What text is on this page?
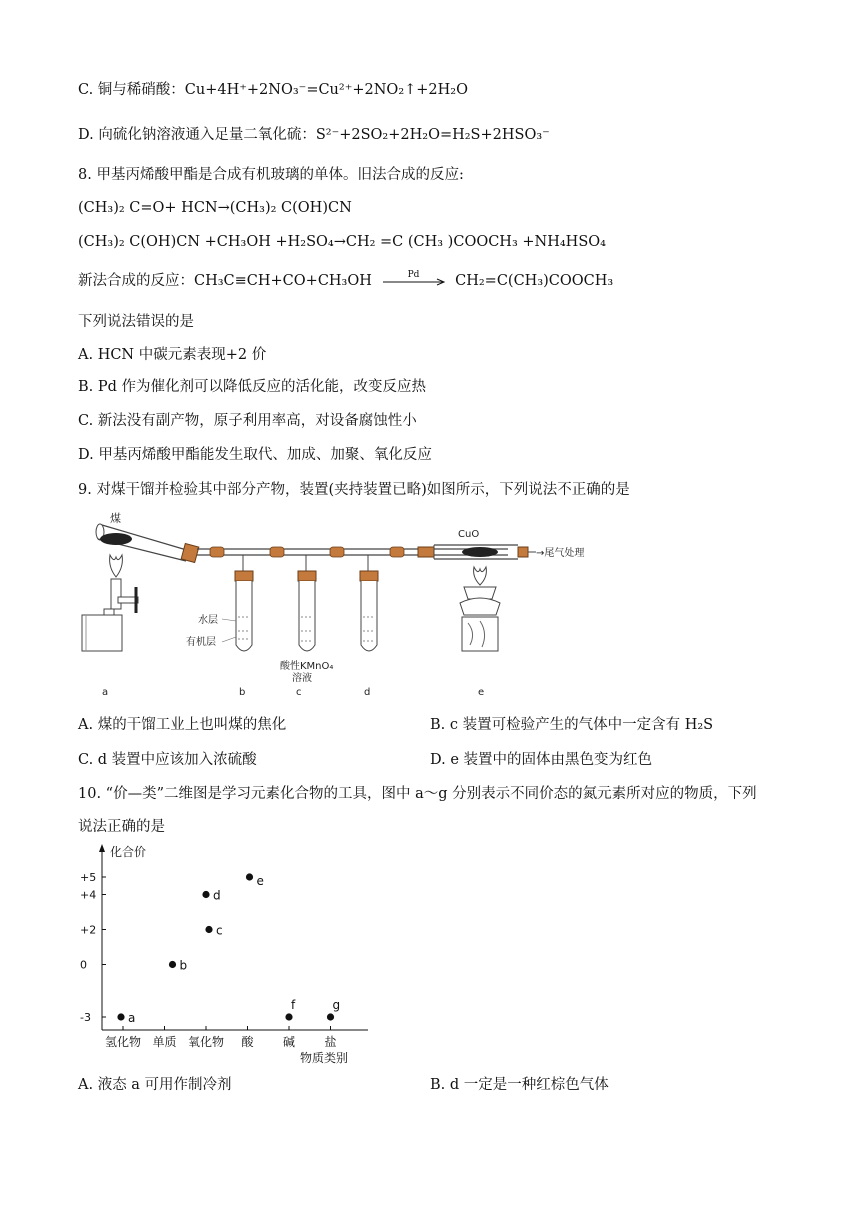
C. 铜与稀硝酸：Cu+4H⁺+2NO₃⁻=Cu²⁺+2NO₂↑+2H₂O
D. 向硫化钠溶液通入足量二氧化硫：S²⁻+2SO₂+2H₂O=H₂S+2HSO₃⁻
8. 甲基丙烯酸甲酯是合成有机玻璃的单体。旧法合成的反应:
(CH₃)₂ C=O+ HCN→(CH₃)₂ C(OH)CN
(CH₃)₂ C(OH)CN +CH₃OH +H₂SO₄→CH₂ =C (CH₃ )COOCH₃ +NH₄HSO₄
新法合成的反应：CH₃C≡CH+CO+CH₃OH	Pd	CH₂=C(CH₃)COOCH₃
下列说法错误的是
A. HCN 中碳元素表现+2 价
B. Pd 作为催化剂可以降低反应的活化能，改变反应热
C. 新法没有副产物，原子利用率高，对设备腐蚀性小
D. 甲基丙烯酸甲酯能发生取代、加成、加聚、氧化反应
9. 对煤干馏并检验其中部分产物，装置(夹持装置已略)如图所示，下列说法不正确的是
煤
a
水层
有机层
b
酸性KMnO₄
溶液
c	d
CuO
→尾气处理
e
A. 煤的干馏工业上也叫煤的焦化	B. c 装置可检验产生的气体中一定含有 H₂S
C. d 装置中应该加入浓硫酸	D. e 装置中的固体由黑色变为红色
10. “价—类”二维图是学习元素化合物的工具，图中 a～g 分别表示不同价态的氮元素所对应的物质，下列
说法正确的是
化合价
物质类别
+5
+4
+2
0
-3
氢化物 单质 氧化物 酸 碱 盐
a
b
c
d
e
f	g
A. 液态 a 可用作制冷剂	B. d 一定是一种红棕色气体
